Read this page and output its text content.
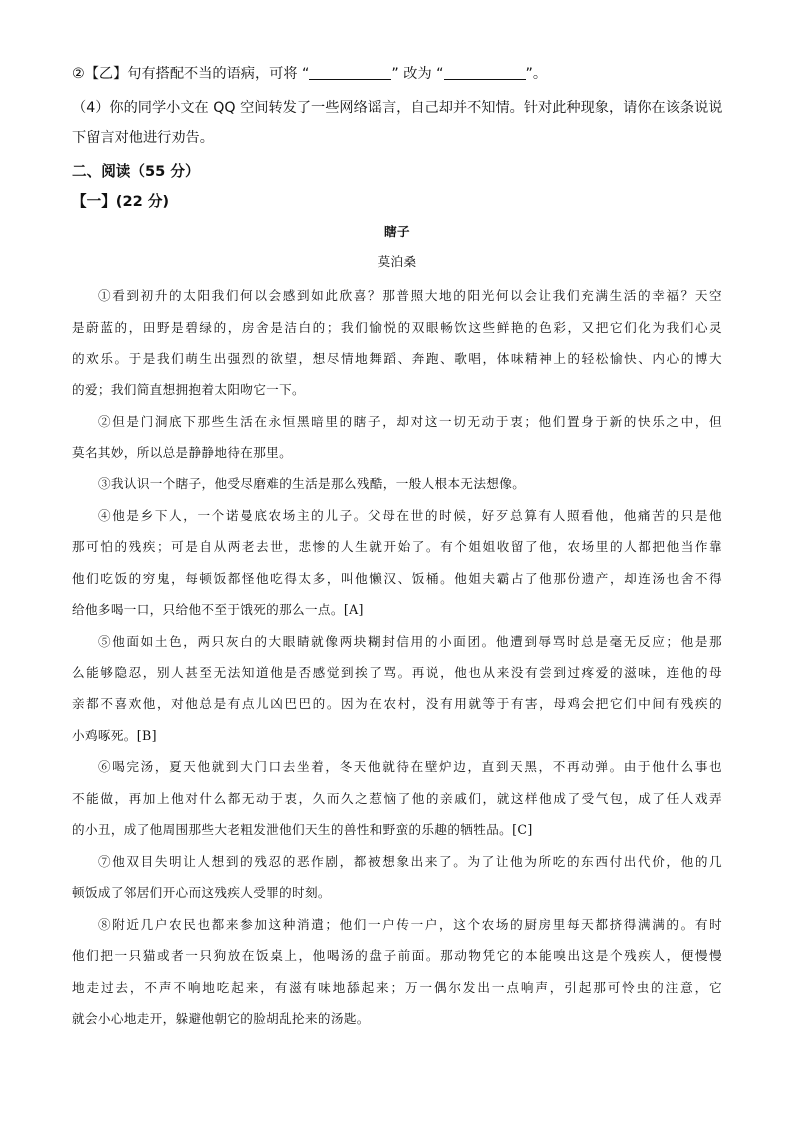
②【乙】句有搭配不当的语病，可将 “	” 改为 “	”。
（4）你的同学小文在 QQ 空间转发了一些网络谣言，自己却并不知情。针对此种现象，请你在该条说说
下留言对他进行劝告。
二、阅读（55 分）
【一】(22 分)
瞎子
莫泊桑
①看到初升的太阳我们何以会感到如此欣喜？那普照大地的阳光何以会让我们充满生活的幸福？天空
是蔚蓝的，田野是碧绿的，房舍是洁白的；我们愉悦的双眼畅饮这些鲜艳的色彩，又把它们化为我们心灵
的欢乐。于是我们萌生出强烈的欲望，想尽情地舞蹈、奔跑、歌唱，体味精神上的轻松愉快、内心的博大
的爱；我们简直想拥抱着太阳吻它一下。
②但是门洞底下那些生活在永恒黑暗里的瞎子，却对这一切无动于衷；他们置身于新的快乐之中，但
莫名其妙，所以总是静静地待在那里。
③我认识一个瞎子，他受尽磨难的生活是那么残酷，一般人根本无法想像。
④他是乡下人，一个诺曼底农场主的儿子。父母在世的时候，好歹总算有人照看他，他痛苦的只是他
那可怕的残疾；可是自从两老去世，悲惨的人生就开始了。有个姐姐收留了他，农场里的人都把他当作靠
他们吃饭的穷鬼，每顿饭都怪他吃得太多，叫他懒汉、饭桶。他姐夫霸占了他那份遗产，却连汤也舍不得
给他多喝一口，只给他不至于饿死的那么一点。[A]
⑤他面如土色，两只灰白的大眼睛就像两块糊封信用的小面团。他遭到辱骂时总是毫无反应；他是那
么能够隐忍，别人甚至无法知道他是否感觉到挨了骂。再说，他也从来没有尝到过疼爱的滋味，连他的母
亲都不喜欢他，对他总是有点儿凶巴巴的。因为在农村，没有用就等于有害，母鸡会把它们中间有残疾的
小鸡啄死。[B]
⑥喝完汤，夏天他就到大门口去坐着，冬天他就待在壁炉边，直到天黑，不再动弹。由于他什么事也
不能做，再加上他对什么都无动于衷，久而久之惹恼了他的亲戚们，就这样他成了受气包，成了任人戏弄
的小丑，成了他周围那些大老粗发泄他们天生的兽性和野蛮的乐趣的牺牲品。[C]
⑦他双目失明让人想到的残忍的恶作剧，都被想象出来了。为了让他为所吃的东西付出代价，他的几
顿饭成了邻居们开心而这残疾人受罪的时刻。
⑧附近几户农民也都来参加这种消遣；他们一户传一户，这个农场的厨房里每天都挤得满满的。有时
他们把一只猫或者一只狗放在饭桌上，他喝汤的盘子前面。那动物凭它的本能嗅出这是个残疾人，便慢慢
地走过去，不声不响地吃起来，有滋有味地舔起来；万一偶尔发出一点响声，引起那可怜虫的注意，它
就会小心地走开，躲避他朝它的脸胡乱抡来的汤匙。
